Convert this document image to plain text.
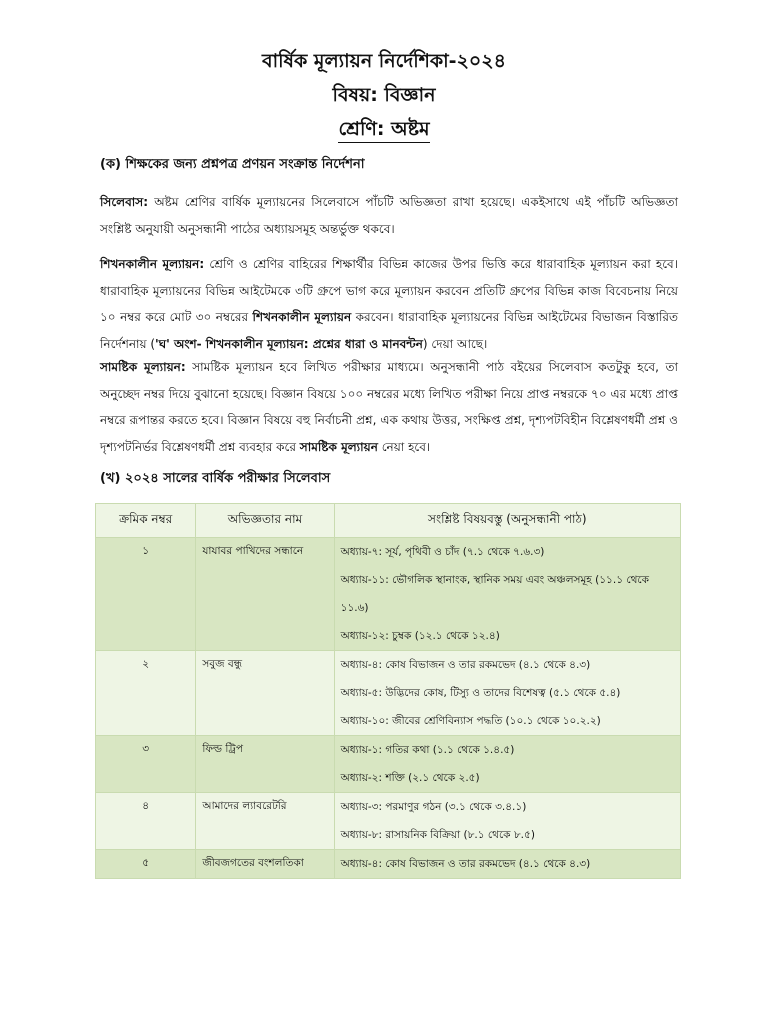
বার্ষিক মূল্যায়ন নির্দেশিকা-২০২৪
বিষয়: বিজ্ঞান
শ্রেণি: অষ্টম
(ক) শিক্ষকের জন্য প্রশ্নপত্র প্রণয়ন সংক্রান্ত নির্দেশনা
সিলেবাস: অষ্টম শ্রেণির বার্ষিক মূল্যায়নের সিলেবাসে পাঁচটি অভিজ্ঞতা রাখা হয়েছে। একইসাথে এই পাঁচটি অভিজ্ঞতা সংশ্লিষ্ট অনুযায়ী অনুসন্ধানী পাঠের অধ্যায়সমূহ অন্তর্ভুক্ত থকবে।
শিখনকালীন মূল্যায়ন: শ্রেণি ও শ্রেণির বাহিরের শিক্ষার্থীর বিভিন্ন কাজের উপর ভিত্তি করে ধারাবাহিক মূল্যায়ন করা হবে। ধারাবাহিক মূল্যায়নের বিভিন্ন আইটেমকে ৩টি গ্রুপে ভাগ করে মূল্যায়ন করবেন প্রতিটি গ্রুপের বিভিন্ন কাজ বিবেচনায় নিয়ে ১০ নম্বর করে মোট ৩০ নম্বরের শিখনকালীন মূল্যায়ন করবেন। ধারাবাহিক মূল্যায়নের বিভিন্ন আইটেমের বিভাজন বিস্তারিত নির্দেশনায় ('ঘ' অংশ- শিখনকালীন মূল্যায়ন: প্রশ্নের ধারা ও মানবন্টন) দেয়া আছে।
সামষ্টিক মূল্যায়ন: সামষ্টিক মূল্যায়ন হবে লিখিত পরীক্ষার মাধ্যমে। অনুসন্ধানী পাঠ বইয়ের সিলেবাস কতটুকু হবে, তা অনুচ্ছেদ নম্বর দিয়ে বুঝানো হয়েছে। বিজ্ঞান বিষয়ে ১০০ নম্বরের মধ্যে লিখিত পরীক্ষা নিয়ে প্রাপ্ত নম্বরকে ৭০ এর মধ্যে প্রাপ্ত নম্বরে রূপান্তর করতে হবে। বিজ্ঞান বিষয়ে বহু নির্বাচনী প্রশ্ন, এক কথায় উত্তর, সংক্ষিপ্ত প্রশ্ন, দৃশ্যপটবিহীন বিশ্লেষণধর্মী প্রশ্ন ও দৃশ্যপটনির্ভর বিশ্লেষণধর্মী প্রশ্ন ব্যবহার করে সামষ্টিক মূল্যায়ন নেয়া হবে।
(খ) ২০২৪ সালের বার্ষিক পরীক্ষার সিলেবাস
ক্রমিক নম্বর	অভিজ্ঞতার নাম	সংশ্লিষ্ট বিষয়বস্তু (অনুসন্ধানী পাঠ)

১	যাযাবর পাখিদের সন্ধানে	অধ্যায়-৭: সূর্য, পৃথিবী ও চাঁদ (৭.১ থেকে ৭.৬.৩)
অধ্যায়-১১: ভৌগলিক স্থানাংক, স্থানিক সময় এবং অঞ্চলসমূহ (১১.১ থেকে ১১.৬)
অধ্যায়-১২: চুম্বক (১২.১ থেকে ১২.৪)

২	সবুজ বন্ধু	অধ্যায়-৪: কোষ বিভাজন ও তার রকমভেদ (৪.১ থেকে ৪.৩)
অধ্যায়-৫: উদ্ভিদের কোষ, টিস্যু ও তাদের বিশেষত্ব (৫.১ থেকে ৫.৪)
অধ্যায়-১০: জীবের শ্রেণিবিন্যাস পদ্ধতি (১০.১ থেকে ১০.২.২)

৩	ফিল্ড ট্রিপ	অধ্যায়-১: গতির কথা (১.১ থেকে ১.৪.৫)
অধ্যায়-২: শক্তি (২.১ থেকে ২.৫)

৪	আমাদের ল্যাবরেটরি	অধ্যায়-৩: পরমাণুর গঠন (৩.১ থেকে ৩.৪.১)
অধ্যায়-৮: রাসায়নিক বিক্রিয়া (৮.১ থেকে ৮.৫)

৫	জীবজগতের বংশলতিকা	অধ্যায়-৪: কোষ বিভাজন ও তার রকমভেদ (৪.১ থেকে ৪.৩)
